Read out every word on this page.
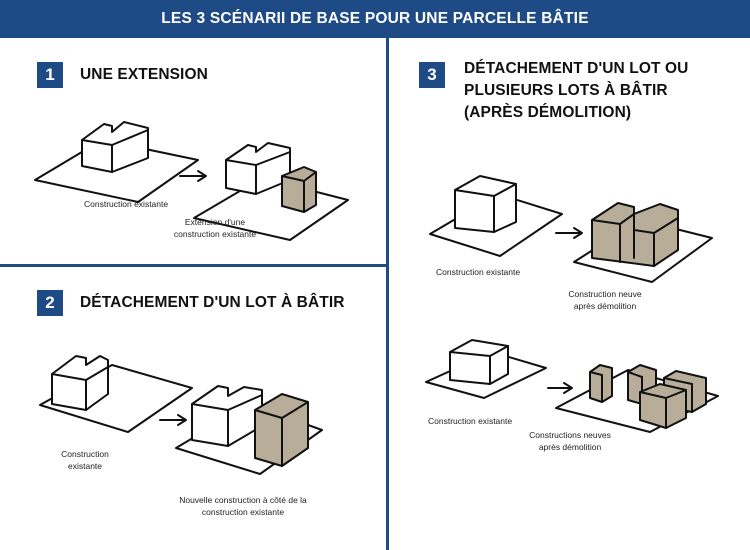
LES 3 SCÉNARII DE BASE POUR UNE PARCELLE BÂTIE
1	UNE EXTENSION
Construction existante
Extension d'une
construction existante
2	DÉTACHEMENT D'UN LOT À BÂTIR
Construction
existante
Nouvelle construction à côté de la
construction existante
3	DÉTACHEMENT D'UN LOT OU
PLUSIEURS LOTS À BÂTIR
(APRÈS DÉMOLITION)
Construction existante
Construction neuve
après démolition
Construction existante
Constructions neuves
après démolition
